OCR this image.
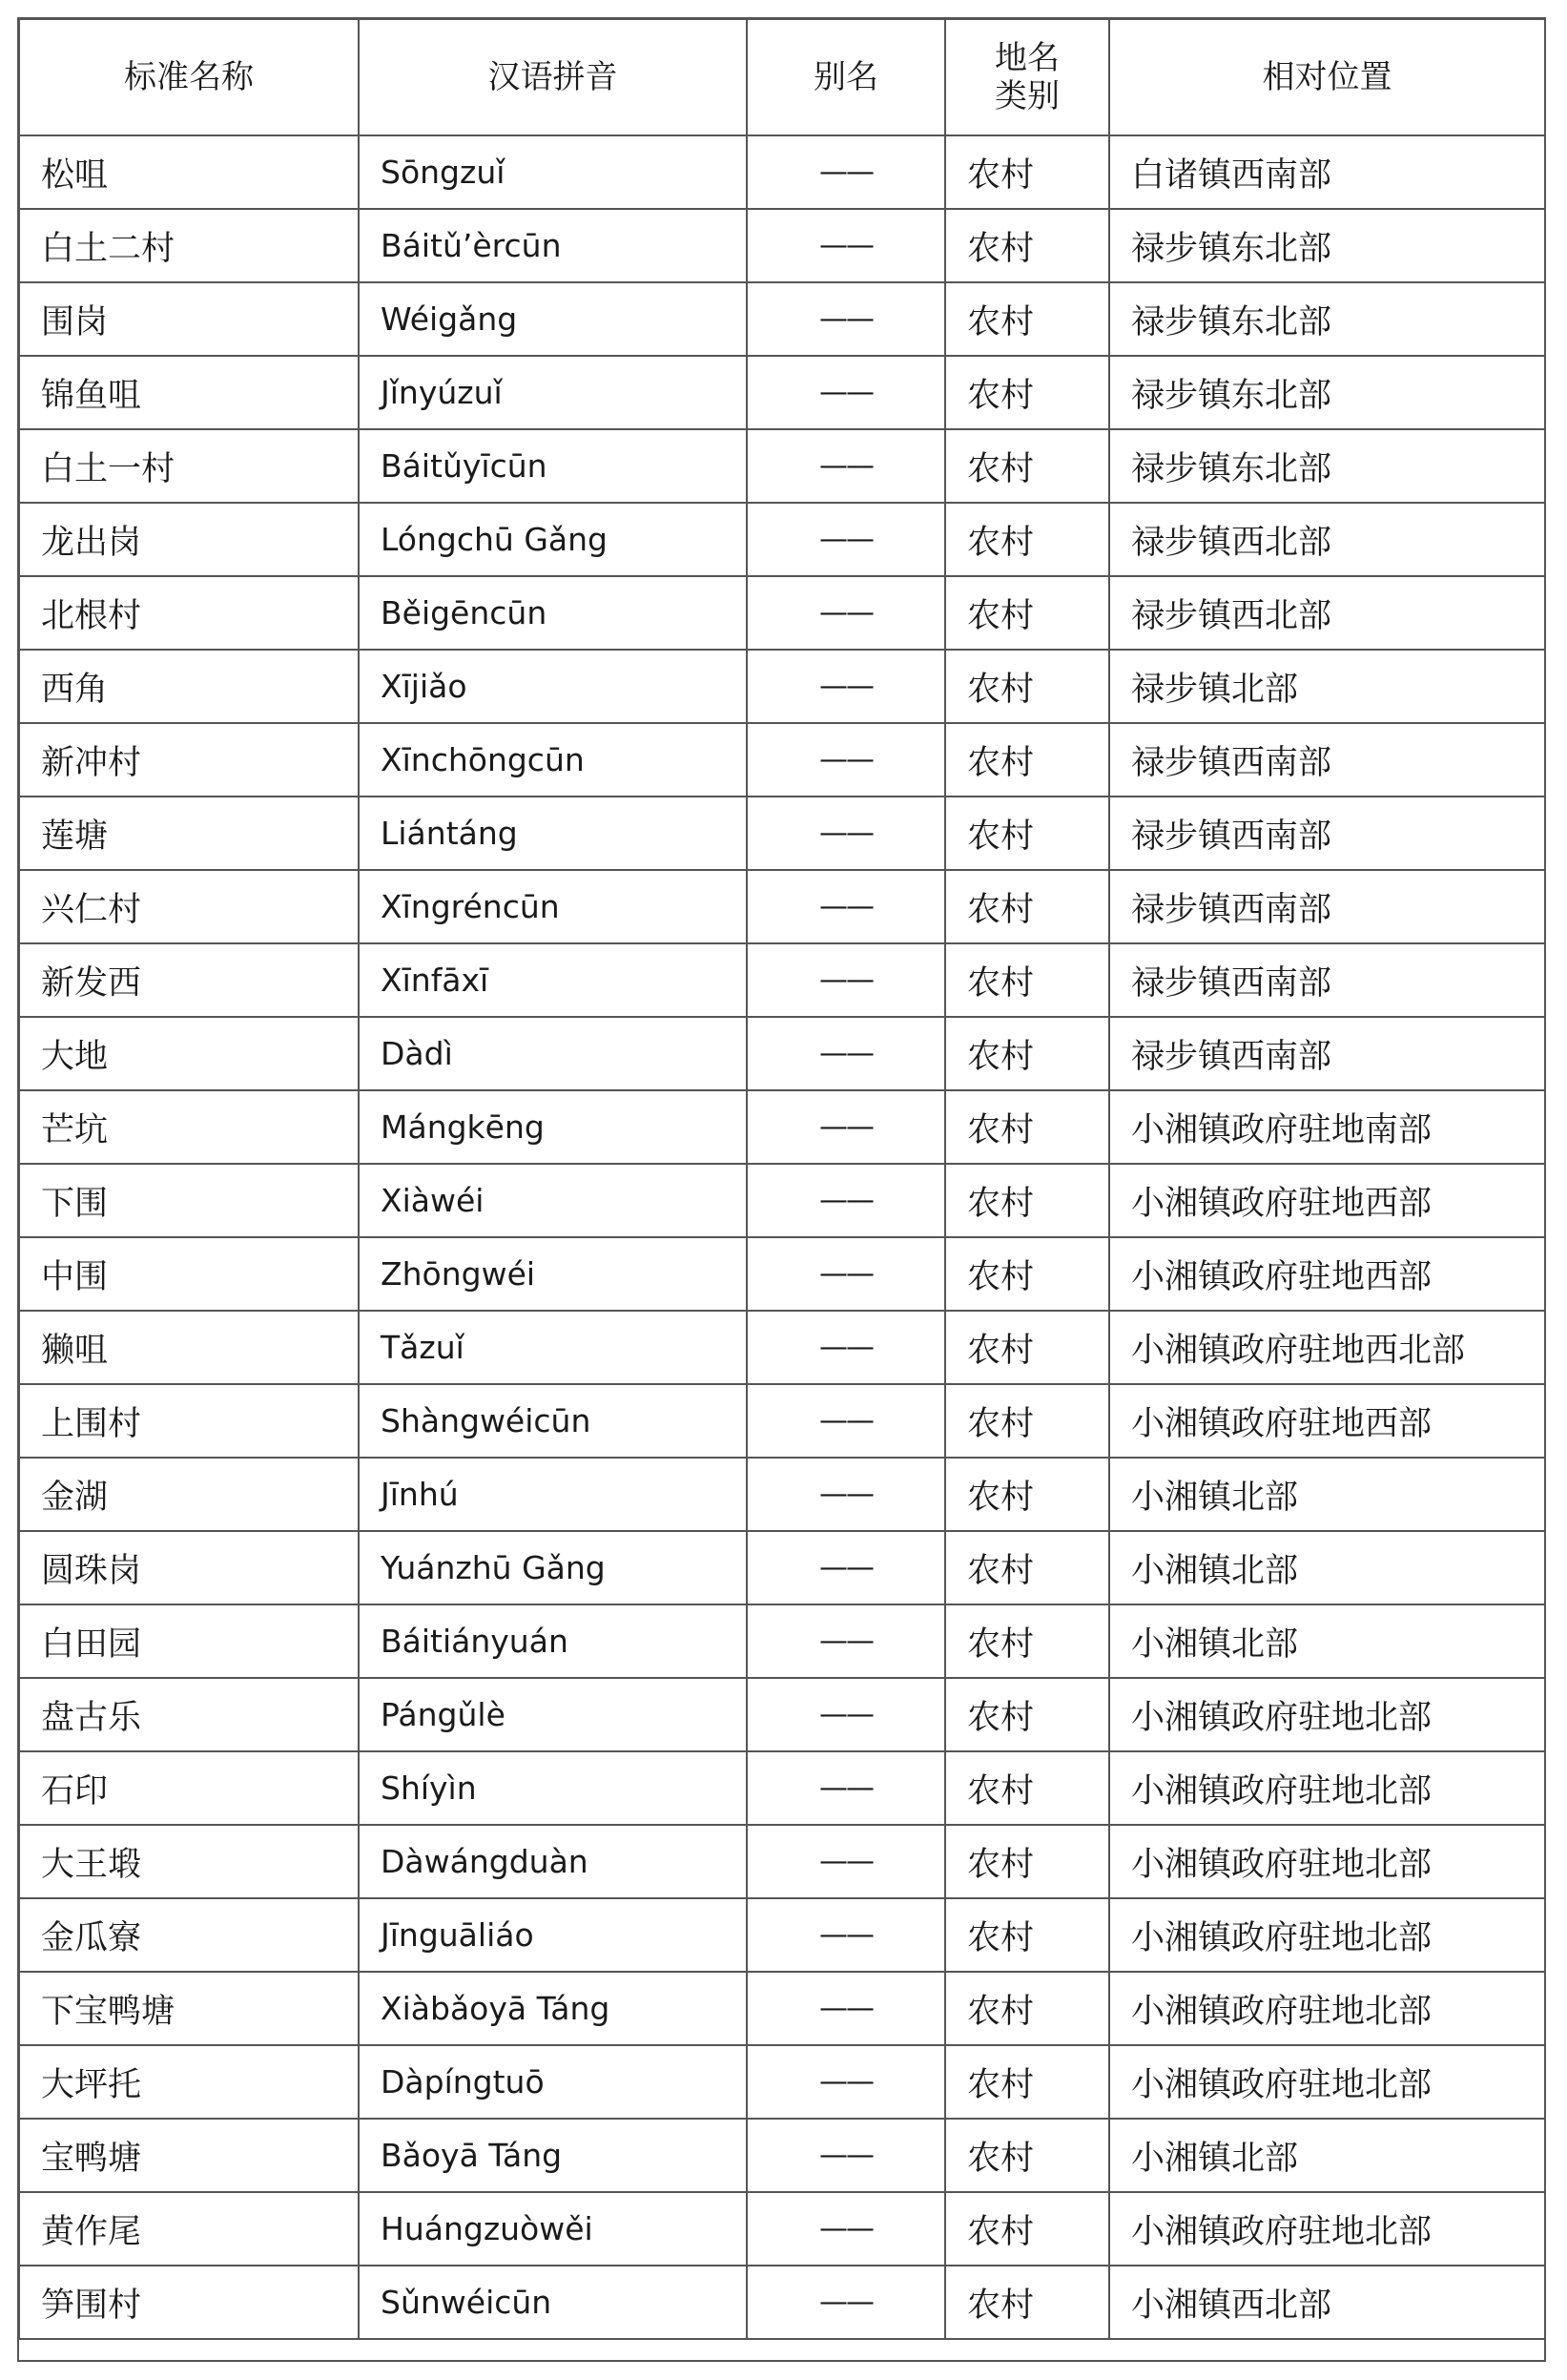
标准名称	汉语拼音	别名	地名类别	相对位置
松咀	Sōngzuǐ	——	农村	白诸镇西南部
白土二村	Báitǔ’èrcūn	——	农村	禄步镇东北部
围岗	Wéigǎng	——	农村	禄步镇东北部
锦鱼咀	Jǐnyúzuǐ	——	农村	禄步镇东北部
白土一村	Báitǔyīcūn	——	农村	禄步镇东北部
龙出岗	Lóngchū Gǎng	——	农村	禄步镇西北部
北根村	Běigēncūn	——	农村	禄步镇西北部
西角	Xījiǎo	——	农村	禄步镇北部
新冲村	Xīnchōngcūn	——	农村	禄步镇西南部
莲塘	Liántáng	——	农村	禄步镇西南部
兴仁村	Xīngréncūn	——	农村	禄步镇西南部
新发西	Xīnfāxī	——	农村	禄步镇西南部
大地	Dàdì	——	农村	禄步镇西南部
芒坑	Mángkēng	——	农村	小湘镇政府驻地南部
下围	Xiàwéi	——	农村	小湘镇政府驻地西部
中围	Zhōngwéi	——	农村	小湘镇政府驻地西部
獭咀	Tǎzuǐ	——	农村	小湘镇政府驻地西北部
上围村	Shàngwéicūn	——	农村	小湘镇政府驻地西部
金湖	Jīnhú	——	农村	小湘镇北部
圆珠岗	Yuánzhū Gǎng	——	农村	小湘镇北部
白田园	Báitiányuán	——	农村	小湘镇北部
盘古乐	Pángǔlè	——	农村	小湘镇政府驻地北部
石印	Shíyìn	——	农村	小湘镇政府驻地北部
大王塅	Dàwángduàn	——	农村	小湘镇政府驻地北部
金瓜寮	Jīnguāliáo	——	农村	小湘镇政府驻地北部
下宝鸭塘	Xiàbǎoyā Táng	——	农村	小湘镇政府驻地北部
大坪托	Dàpíngtuō	——	农村	小湘镇政府驻地北部
宝鸭塘	Bǎoyā Táng	——	农村	小湘镇北部
黄作尾	Huángzuòwěi	——	农村	小湘镇政府驻地北部
笋围村	Sǔnwéicūn	——	农村	小湘镇西北部
